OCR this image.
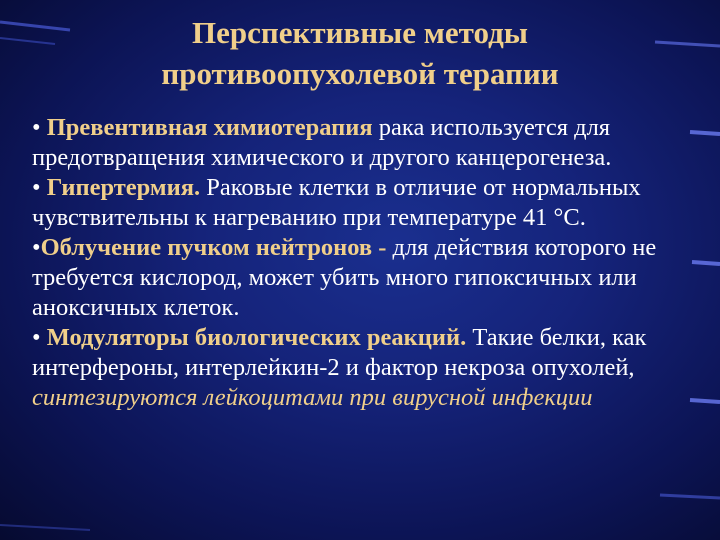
Перспективные методы
противоопухолевой терапии

• Превентивная химиотерапия рака используется для предотвращения химического и другого канцерогенеза.

• Гипертермия. Раковые клетки в отличие от нормальных чувствительны к нагреванию при температуре 41 °С.

•Облучение пучком нейтронов - для действия которого не требуется кислород, может убить много гипоксичных или аноксичных клеток.

• Модуляторы биологических реакций. Такие белки, как интерфероны, интерлейкин-2 и фактор некроза опухолей, синтезируются лейкоцитами при вирусной инфекции
